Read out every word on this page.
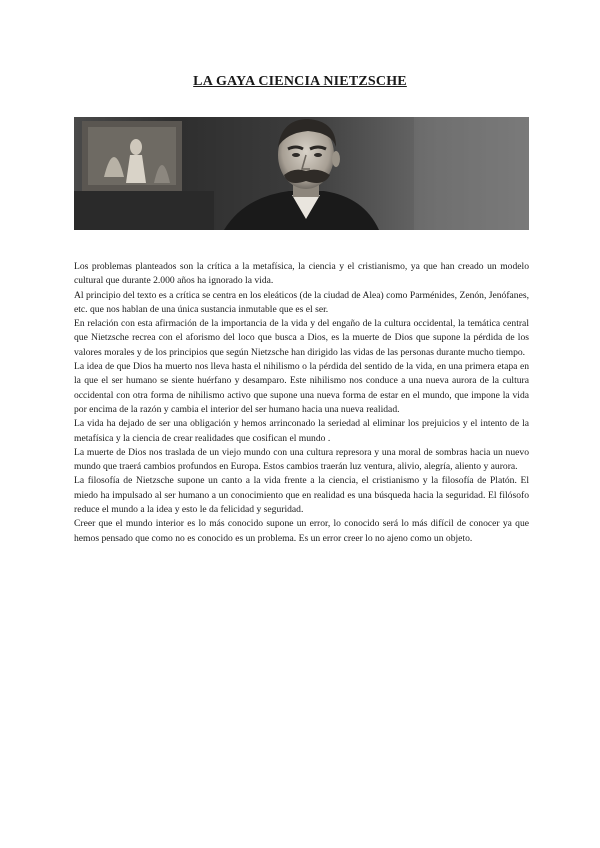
LA GAYA CIENCIA NIETZSCHE

Los problemas planteados son la crítica a la metafísica, la ciencia y el cristianismo, ya que han creado un modelo cultural que durante 2.000 años ha ignorado la vida.

Al principio del texto es a crítica se centra en los eleáticos (de la ciudad de Alea) como Parménides, Zenón, Jenófanes, etc. que nos hablan de una única sustancia inmutable que es el ser.

En relación con esta afirmación de la importancia de la vida y del engaño de la cultura occidental, la temática central que Nietzsche recrea con el aforismo del loco que busca a Dios, es la muerte de Dios que supone la pérdida de los valores morales y de los principios que según Nietzsche han dirigido las vidas de las personas durante mucho tiempo.

La idea de que Dios ha muerto nos lleva hasta el nihilismo o la pérdida del sentido de la vida, en una primera etapa en la que el ser humano se siente huérfano y desamparo. Este nihilismo nos conduce a una nueva aurora de la cultura occidental con otra forma de nihilismo activo que supone una nueva forma de estar en el mundo, que impone la vida por encima de la razón y cambia el interior del ser humano hacia una nueva realidad.

La vida ha dejado de ser una obligación y hemos arrinconado la seriedad al eliminar los prejuicios y el intento de la metafísica y la ciencia de crear realidades que cosifican el mundo .

La muerte de Dios nos traslada de un viejo mundo con una cultura represora y una moral de sombras hacia un nuevo mundo que traerá cambios profundos en Europa. Estos cambios traerán luz ventura, alivio, alegría, aliento y aurora.

La filosofía de Nietzsche supone un canto a la vida frente a la ciencia, el cristianismo y la filosofía de Platón. El miedo ha impulsado al ser humano a un conocimiento que en realidad es una búsqueda hacia la seguridad. El filósofo reduce el mundo a la idea y esto le da felicidad y seguridad.

Creer que el mundo interior es lo más conocido supone un error, lo conocido será lo más difícil de conocer ya que hemos pensado que como no es conocido es un problema. Es un error creer lo no ajeno como un objeto.
